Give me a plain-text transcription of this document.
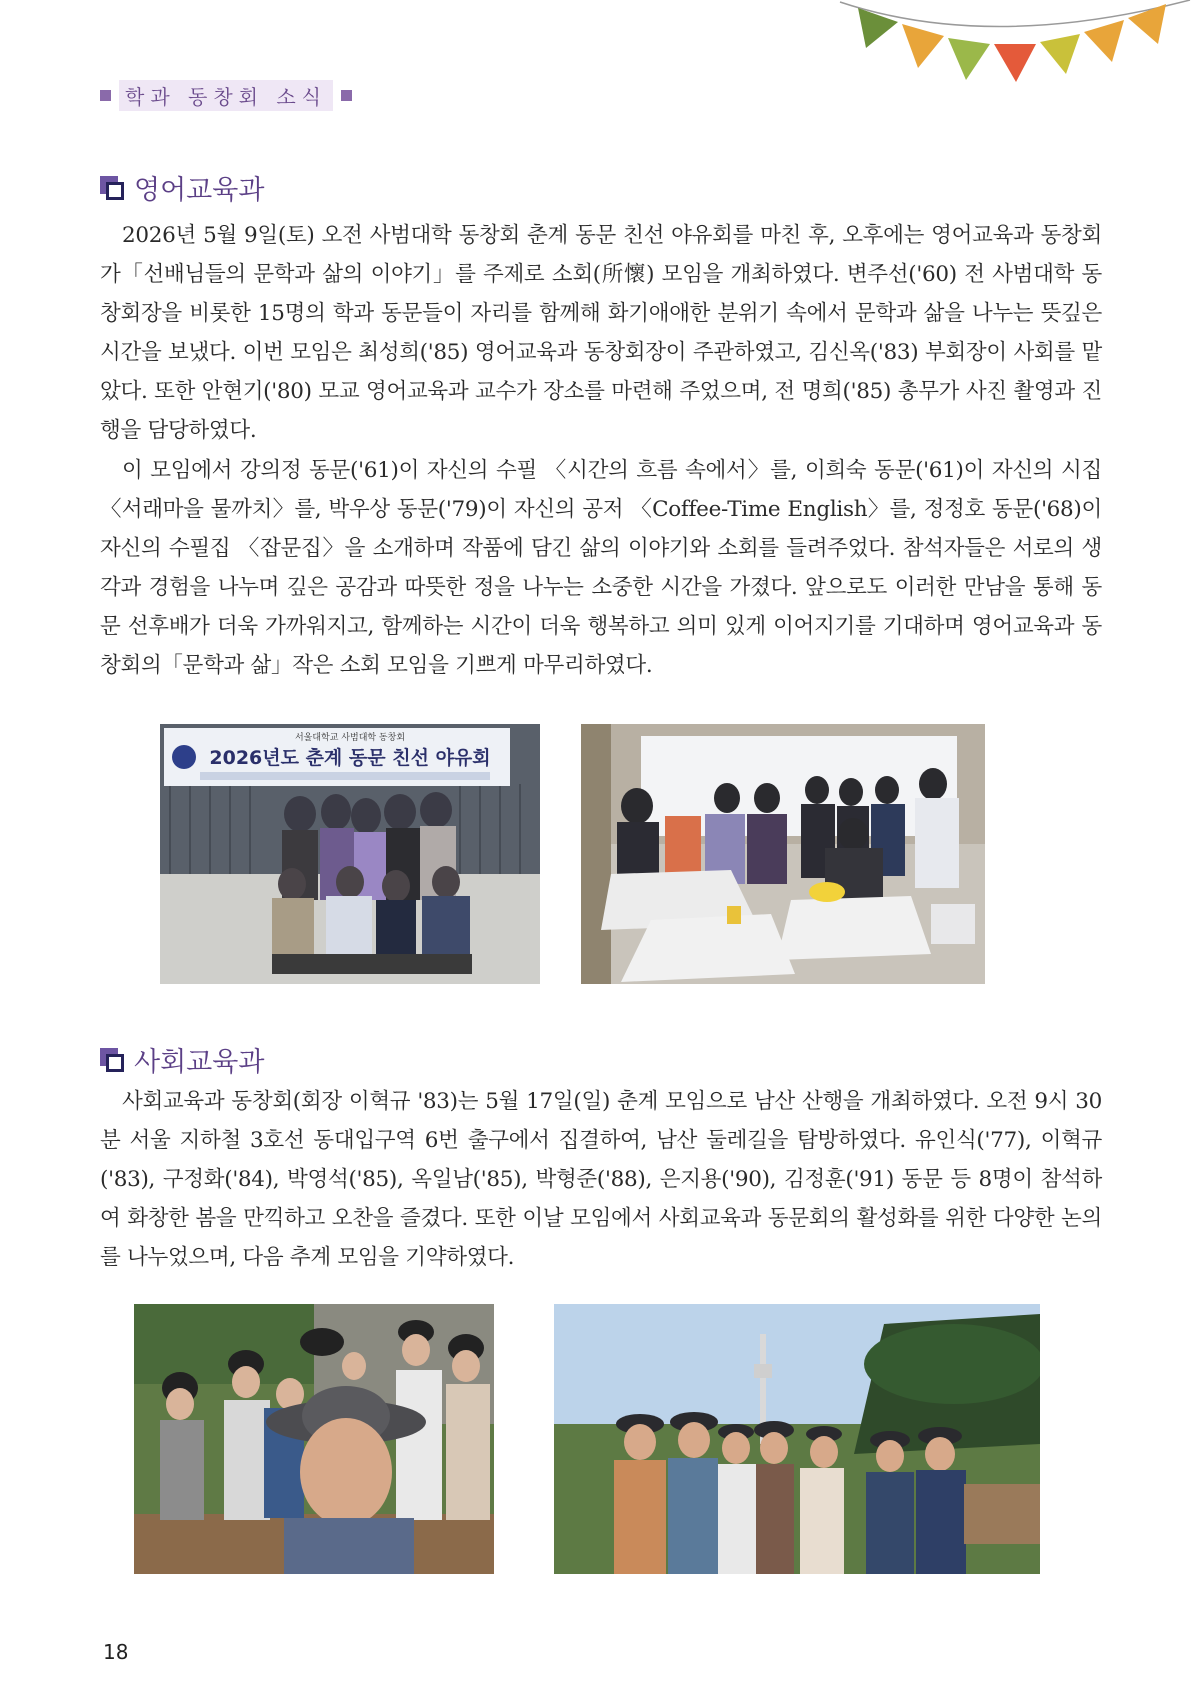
학과 동창회 소식
영어교육과

2026년 5월 9일(토) 오전 사범대학 동창회 춘계 동문 친선 야유회를 마친 후, 오후에는 영어교육과 동창회가「선배님들의 문학과 삶의 이야기」를 주제로 소회(所懷) 모임을 개최하였다. 변주선('60) 전 사범대학 동창회장을 비롯한 15명의 학과 동문들이 자리를 함께해 화기애애한 분위기 속에서 문학과 삶을 나누는 뜻깊은 시간을 보냈다. 이번 모임은 최성희('85) 영어교육과 동창회장이 주관하였고, 김신옥('83) 부회장이 사회를 맡았다. 또한 안현기('80) 모교 영어교육과 교수가 장소를 마련해 주었으며, 전 명희('85) 총무가 사진 촬영과 진행을 담당하였다.

이 모임에서 강의정 동문('61)이 자신의 수필 〈시간의 흐름 속에서〉를, 이희숙 동문('61)이 자신의 시집 〈서래마을 물까치〉를, 박우상 동문('79)이 자신의 공저 〈Coffee-Time English〉를, 정정호 동문('68)이 자신의 수필집 〈잡문집〉을 소개하며 작품에 담긴 삶의 이야기와 소회를 들려주었다. 참석자들은 서로의 생각과 경험을 나누며 깊은 공감과 따뜻한 정을 나누는 소중한 시간을 가졌다. 앞으로도 이러한 만남을 통해 동문 선후배가 더욱 가까워지고, 함께하는 시간이 더욱 행복하고 의미 있게 이어지기를 기대하며 영어교육과 동창회의「문학과 삶」작은 소회 모임을 기쁘게 마무리하였다.

서울대학교 사범대학 동창회
2026년도 춘계 동문 친선 야유회
사회교육과

사회교육과 동창회(회장 이혁규 '83)는 5월 17일(일) 춘계 모임으로 남산 산행을 개최하였다. 오전 9시 30분 서울 지하철 3호선 동대입구역 6번 출구에서 집결하여, 남산 둘레길을 탐방하였다. 유인식('77), 이혁규('83), 구정화('84), 박영석('85), 옥일남('85), 박형준('88), 은지용('90), 김정훈('91) 동문 등 8명이 참석하여 화창한 봄을 만끽하고 오찬을 즐겼다. 또한 이날 모임에서 사회교육과 동문회의 활성화를 위한 다양한 논의를 나누었으며, 다음 추계 모임을 기약하였다.

18
